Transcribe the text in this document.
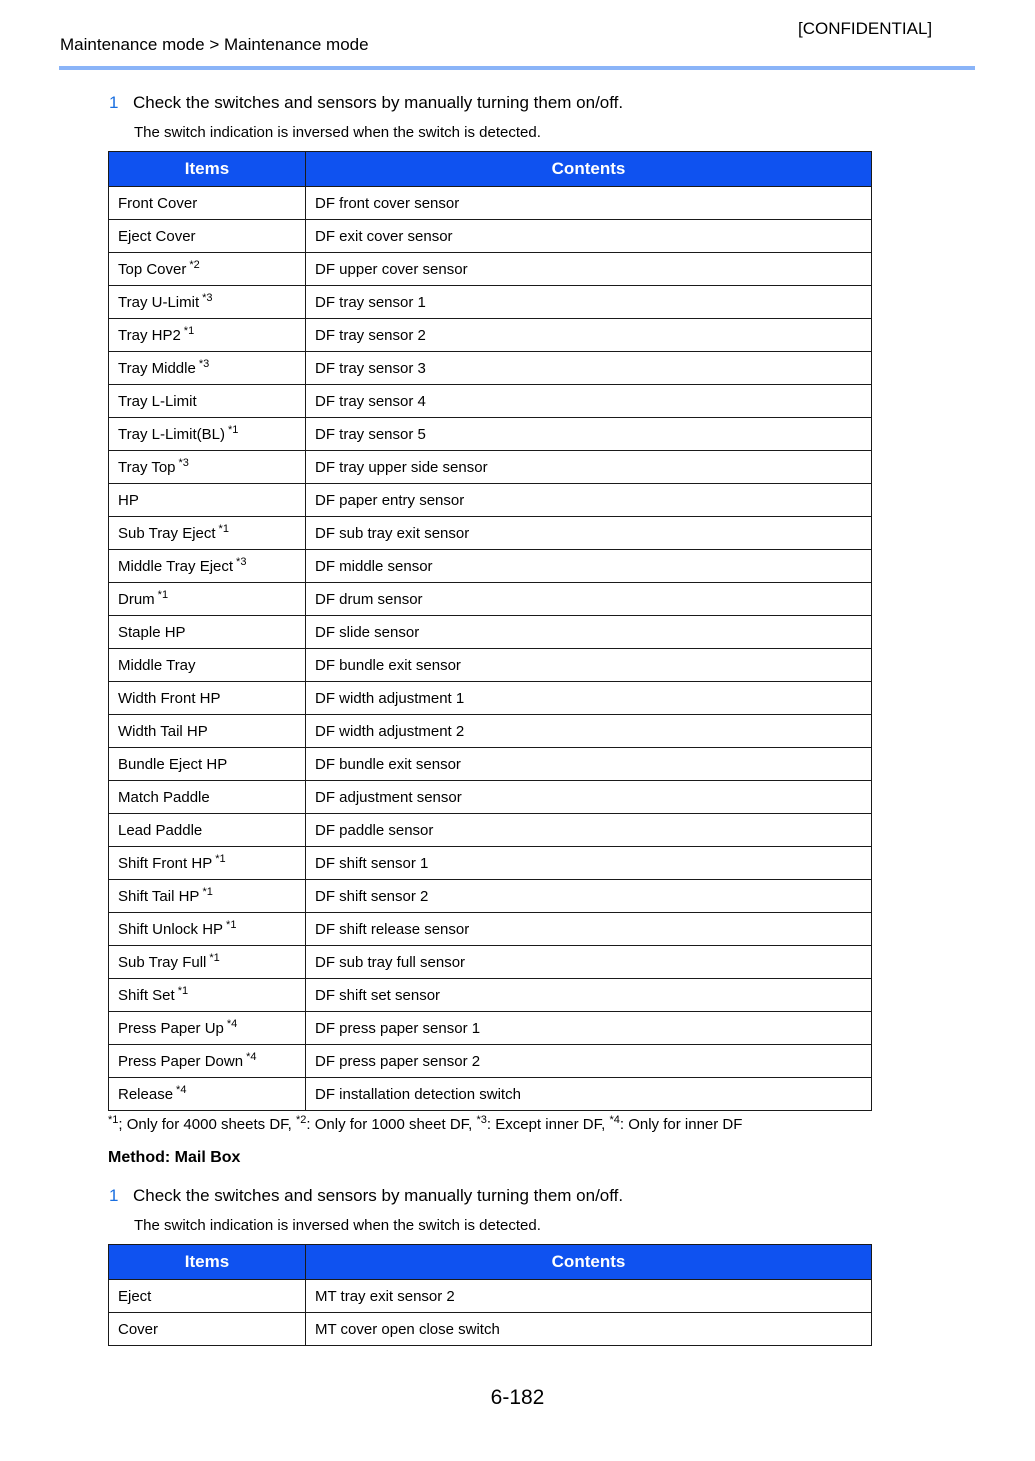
[CONFIDENTIAL]
Maintenance mode > Maintenance mode
1 Check the switches and sensors by manually turning them on/off.
The switch indication is inversed when the switch is detected.
Items	Contents
Front Cover	DF front cover sensor
Eject Cover	DF exit cover sensor
Top Cover $^{*2}$	DF upper cover sensor
Tray U-Limit $^{*3}$	DF tray sensor 1
Tray HP2 $^{*1}$	DF tray sensor 2
Tray Middle $^{*3}$	DF tray sensor 3
Tray L-Limit	DF tray sensor 4
Tray L-Limit(BL) $^{*1}$	DF tray sensor 5
Tray Top $^{*3}$	DF tray upper side sensor
HP	DF paper entry sensor
Sub Tray Eject $^{*1}$	DF sub tray exit sensor
Middle Tray Eject $^{*3}$	DF middle sensor
Drum $^{*1}$	DF drum sensor
Staple HP	DF slide sensor
Middle Tray	DF bundle exit sensor
Width Front HP	DF width adjustment 1
Width Tail HP	DF width adjustment 2
Bundle Eject HP	DF bundle exit sensor
Match Paddle	DF adjustment sensor
Lead Paddle	DF paddle sensor
Shift Front HP $^{*1}$	DF shift sensor 1
Shift Tail HP $^{*1}$	DF shift sensor 2
Shift Unlock HP $^{*1}$	DF shift release sensor
Sub Tray Full $^{*1}$	DF sub tray full sensor
Shift Set $^{*1}$	DF shift set sensor
Press Paper Up $^{*4}$	DF press paper sensor 1
Press Paper Down $^{*4}$	DF press paper sensor 2
Release $^{*4}$	DF installation detection switch
$^{*1}$; Only for 4000 sheets DF, $^{*2}$: Only for 1000 sheet DF, $^{*3}$: Except inner DF, $^{*4}$: Only for inner DF
Method: Mail Box
1 Check the switches and sensors by manually turning them on/off.
The switch indication is inversed when the switch is detected.
Items	Contents
Eject	MT tray exit sensor 2
Cover	MT cover open close switch
6-182
